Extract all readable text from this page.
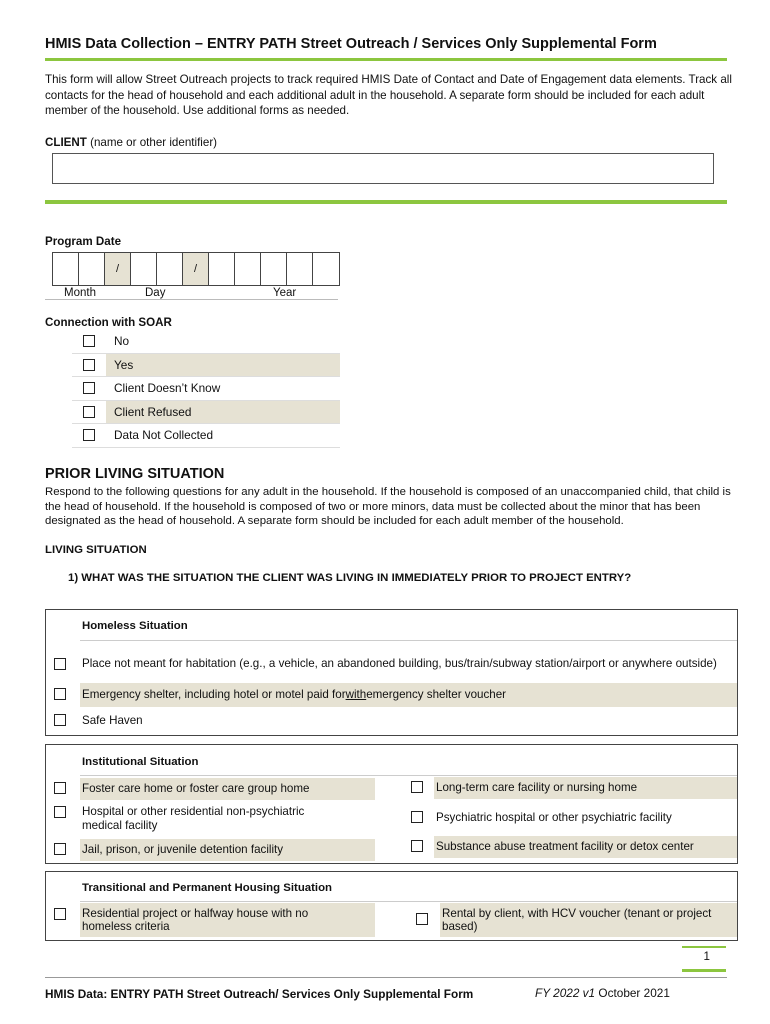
HMIS Data Collection – ENTRY PATH Street Outreach / Services Only Supplemental Form
This form will allow Street Outreach projects to track required HMIS Date of Contact and Date of Engagement data elements. Track all contacts for the head of household and each additional adult in the household. A separate form should be included for each adult member of the household. Use additional forms as needed.
CLIENT (name or other identifier)
Program Date
/	/
Month	Day	Year
Connection with SOAR
No
Yes
Client Doesn’t Know
Client Refused
Data Not Collected
PRIOR LIVING SITUATION
Respond to the following questions for any adult in the household. If the household is composed of an unaccompanied child, that child is the head of household. If the household is composed of two or more minors, data must be collected about the minor that has been designated as the head of household. A separate form should be included for each adult member of the household.
LIVING SITUATION
1) WHAT WAS THE SITUATION THE CLIENT WAS LIVING IN IMMEDIATELY PRIOR TO PROJECT ENTRY?
Homeless Situation
Place not meant for habitation (e.g., a vehicle, an abandoned building, bus/train/subway station/airport or anywhere outside)
Emergency shelter, including hotel or motel paid for with emergency shelter voucher
Safe Haven
Institutional Situation
Foster care home or foster care group home
Hospital or other residential non-psychiatric medical facility
Jail, prison, or juvenile detention facility
Long-term care facility or nursing home
Psychiatric hospital or other psychiatric facility
Substance abuse treatment facility or detox center
Transitional and Permanent Housing Situation
Residential project or halfway house with no homeless criteria
Rental by client, with HCV voucher (tenant or project based)
1
HMIS Data: ENTRY PATH Street Outreach/ Services Only Supplemental Form	FY 2022 v1 October 2021
